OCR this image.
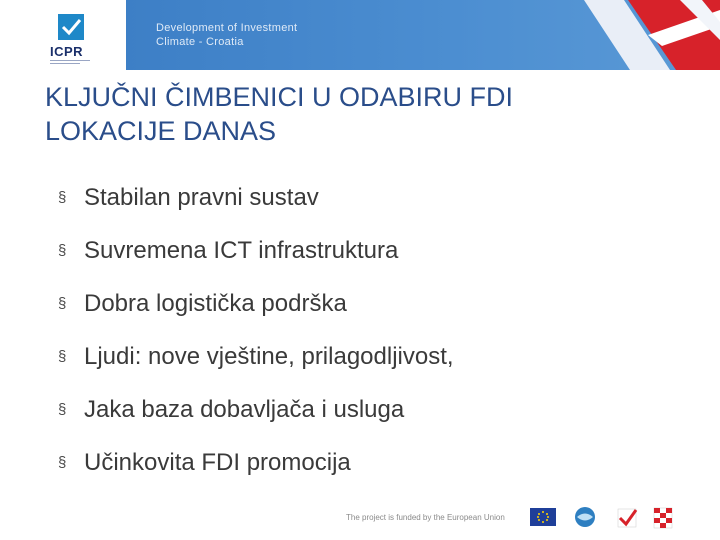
ICPR
Development of Investment
Climate - Croatia
KLJUČNI ČIMBENICI U ODABIRU FDI
LOKACIJE DANAS
§ Stabilan pravni sustav
§ Suvremena ICT infrastruktura
§ Dobra logistička podrška
§ Ljudi: nove vještine, prilagodljivost,
§ Jaka baza dobavljača i usluga
§ Učinkovita FDI promocija
The project is funded by the European Union
